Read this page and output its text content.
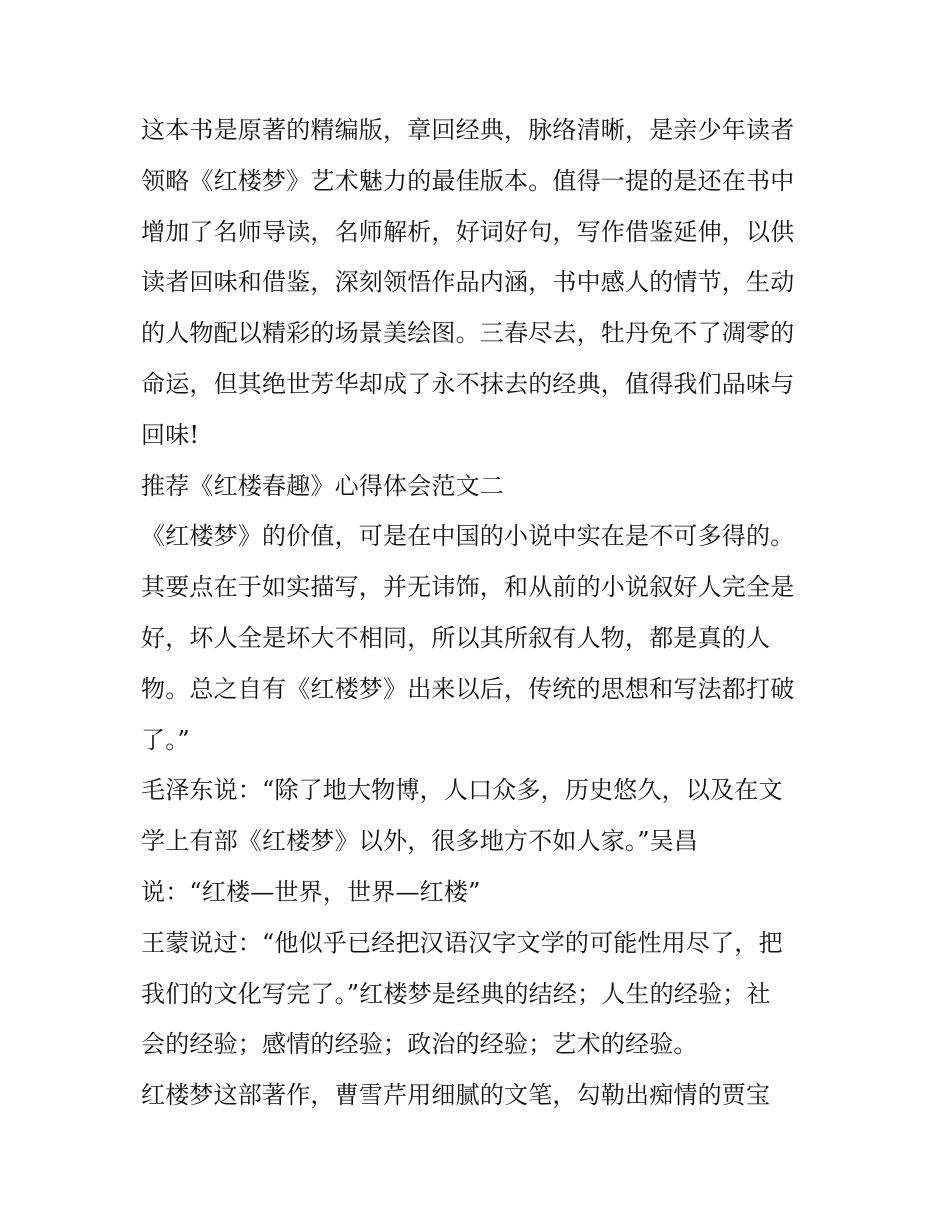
这本书是原著的精编版，章回经典，脉络清晰，是亲少年读者
领略《红楼梦》艺术魅力的最佳版本。值得一提的是还在书中
增加了名师导读，名师解析，好词好句，写作借鉴延伸，以供
读者回味和借鉴，深刻领悟作品内涵，书中感人的情节，生动
的人物配以精彩的场景美绘图。三春尽去，牡丹免不了凋零的
命运，但其绝世芳华却成了永不抹去的经典，值得我们品味与
回味!
推荐《红楼春趣》心得体会范文二
《红楼梦》的价值，可是在中国的小说中实在是不可多得的。
其要点在于如实描写，并无讳饰，和从前的小说叙好人完全是
好，坏人全是坏大不相同，所以其所叙有人物，都是真的人
物。总之自有《红楼梦》出来以后，传统的思想和写法都打破
了。”
毛泽东说：“除了地大物博，人口众多，历史悠久，以及在文
学上有部《红楼梦》以外，很多地方不如人家。”吴昌
说：“红楼—世界，世界—红楼”
王蒙说过：“他似乎已经把汉语汉字文学的可能性用尽了，把
我们的文化写完了。”红楼梦是经典的结经；人生的经验；社
会的经验；感情的经验；政治的经验；艺术的经验。
红楼梦这部著作，曹雪芹用细腻的文笔，勾勒出痴情的贾宝
